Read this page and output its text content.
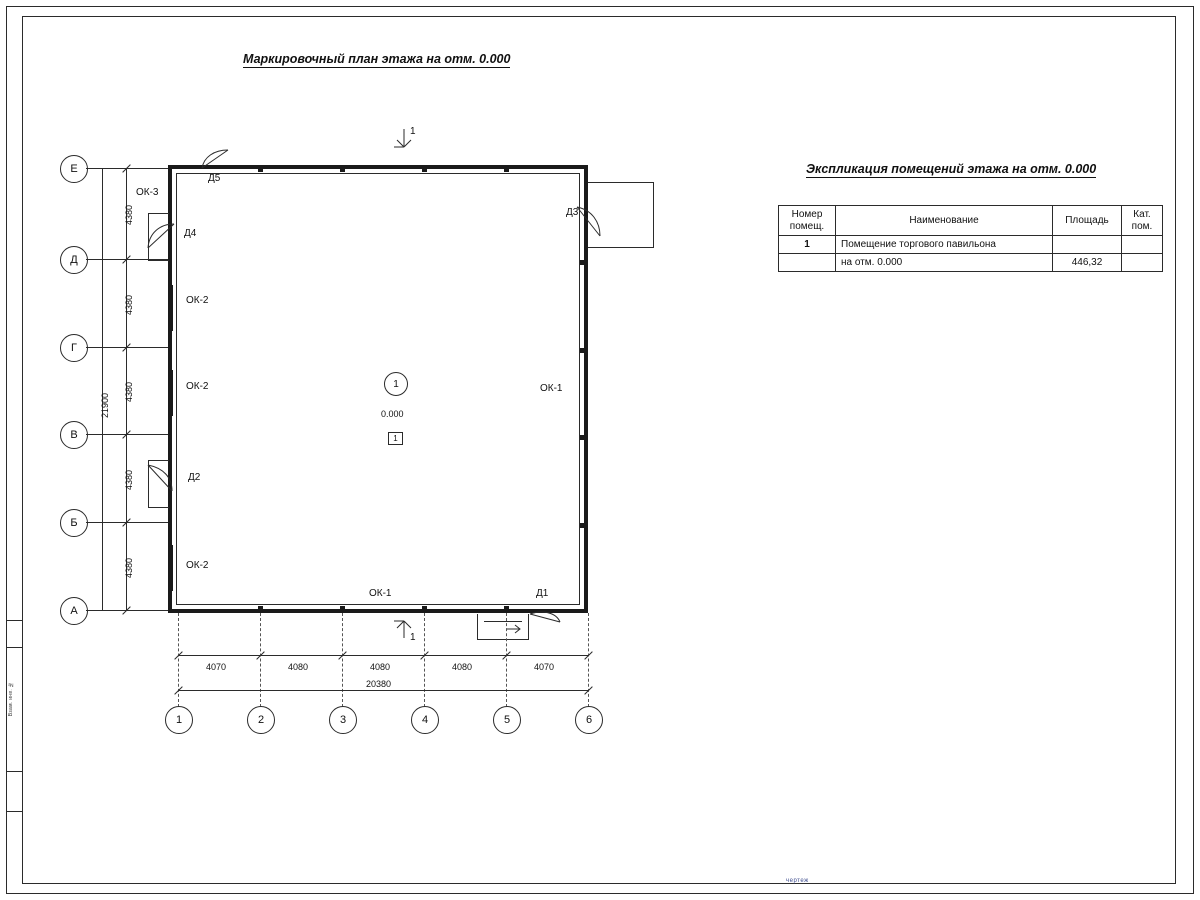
Взам. инв. №
Маркировочный план этажа на отм. 0.000
Экспликация помещений этажа на отм. 0.000
Номер
помещ.	Наименование	Площадь	Кат.
пом.
1	Помещение торгового павильона		
	на отм. 0.000	446,32	
1
0.000
1
ОК-3
ОК-2
ОК-2
ОК-2
ОК-1
ОК-1
Д5
Д4
Д3
Д2
Д1
1
1
Е
Д
Г
В
Б
А
4380
4380
4380
4380
4380
21900
1	2	3	4	5	6
4070	4080	4080	4080	4070
20380
чертеж
